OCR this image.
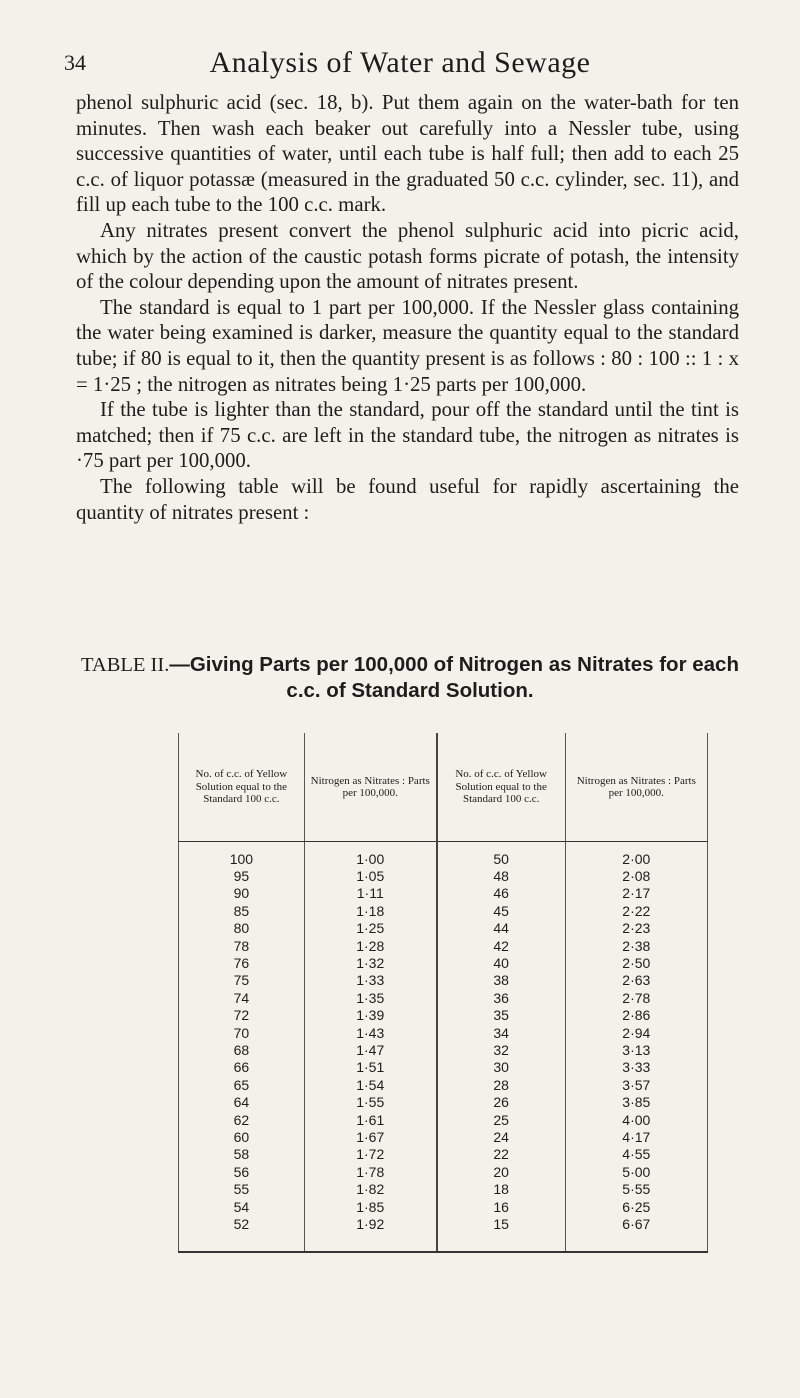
34	Analysis of Water and Sewage

phenol sulphuric acid (sec. 18, b). Put them again on the water-bath for ten minutes. Then wash each beaker out carefully into a Nessler tube, using successive quantities of water, until each tube is half full; then add to each 25 c.c. of liquor potassæ (measured in the graduated 50 c.c. cylinder, sec. 11), and fill up each tube to the 100 c.c. mark.

Any nitrates present convert the phenol sulphuric acid into picric acid, which by the action of the caustic potash forms picrate of potash, the intensity of the colour depending upon the amount of nitrates present.

The standard is equal to 1 part per 100,000. If the Nessler glass containing the water being examined is darker, measure the quantity equal to the standard tube; if 80 is equal to it, then the quantity present is as follows : 80 : 100 :: 1 : x = 1·25 ; the nitrogen as nitrates being 1·25 parts per 100,000.

If the tube is lighter than the standard, pour off the standard until the tint is matched; then if 75 c.c. are left in the standard tube, the nitrogen as nitrates is ·75 part per 100,000.

The following table will be found useful for rapidly ascertaining the quantity of nitrates present :

TABLE II.—Giving Parts per 100,000 of Nitrogen as Nitrates for each c.c. of Standard Solution.
No. of c.c. of Yellow Solution equal to the Standard 100 c.c.	Nitrogen as Nitrates : Parts per 100,000.	No. of c.c. of Yellow Solution equal to the Standard 100 c.c.	Nitrogen as Nitrates : Parts per 100,000.
100	1·00	50	2·00
95	1·05	48	2·08
90	1·11	46	2·17
85	1·18	45	2·22
80	1·25	44	2·23
78	1·28	42	2·38
76	1·32	40	2·50
75	1·33	38	2·63
74	1·35	36	2·78
72	1·39	35	2·86
70	1·43	34	2·94
68	1·47	32	3·13
66	1·51	30	3·33
65	1·54	28	3·57
64	1·55	26	3·85
62	1·61	25	4·00
60	1·67	24	4·17
58	1·72	22	4·55
56	1·78	20	5·00
55	1·82	18	5·55
54	1·85	16	6·25
52	1·92	15	6·67
